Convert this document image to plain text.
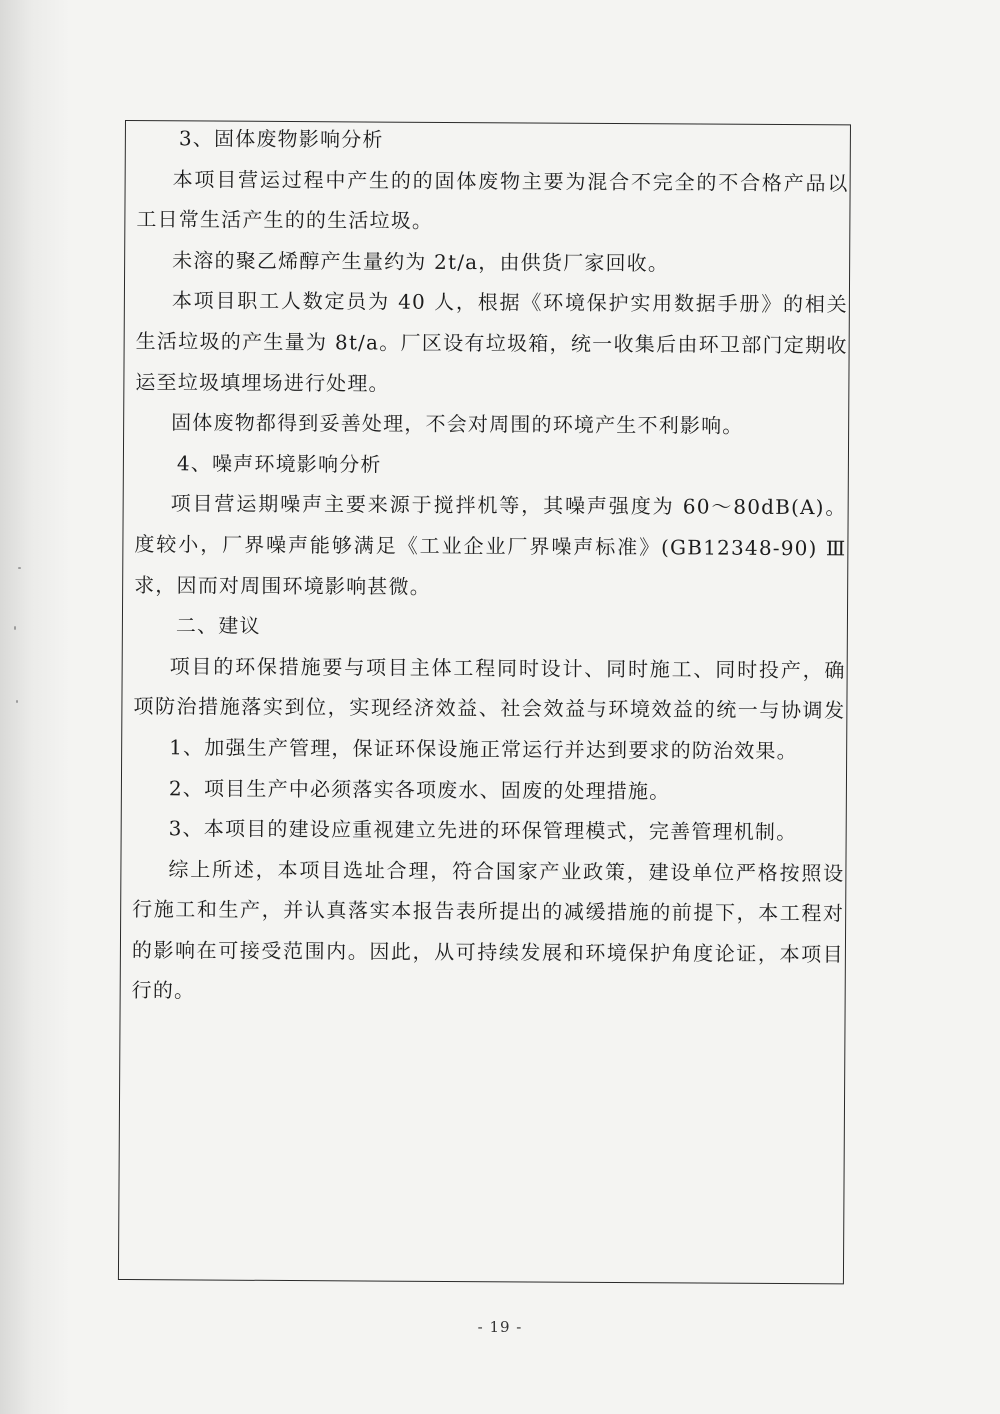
3、固体废物影响分析

本项目营运过程中产生的的固体废物主要为混合不完全的不合格产品以及职

工日常生活产生的的生活垃圾。

未溶的聚乙烯醇产生量约为 2t/a，由供货厂家回收。

本项目职工人数定员为 40 人，根据《环境保护实用数据手册》的相关数据，

生活垃圾的产生量为 8t/a。厂区设有垃圾箱，统一收集后由环卫部门定期收集，

运至垃圾填埋场进行处理。

固体废物都得到妥善处理，不会对周围的环境产生不利影响。

4、噪声环境影响分析

项目营运期噪声主要来源于搅拌机等，其噪声强度为 60～80dB(A)。噪声强

度较小，厂界噪声能够满足《工业企业厂界噪声标准》(GB12348-90) Ⅲ类标准要

求，因而对周围环境影响甚微。

二、建议

项目的环保措施要与项目主体工程同时设计、同时施工、同时投产，确保各

项防治措施落实到位，实现经济效益、社会效益与环境效益的统一与协调发展。

1、加强生产管理，保证环保设施正常运行并达到要求的防治效果。

2、项目生产中必须落实各项废水、固废的处理措施。

3、本项目的建设应重视建立先进的环保管理模式，完善管理机制。

综上所述，本项目选址合理，符合国家产业政策，建设单位严格按照设计进

行施工和生产，并认真落实本报告表所提出的减缓措施的前提下，本工程对环境

的影响在可接受范围内。因此，从可持续发展和环境保护角度论证，本项目是可

行的。

- 19 -
